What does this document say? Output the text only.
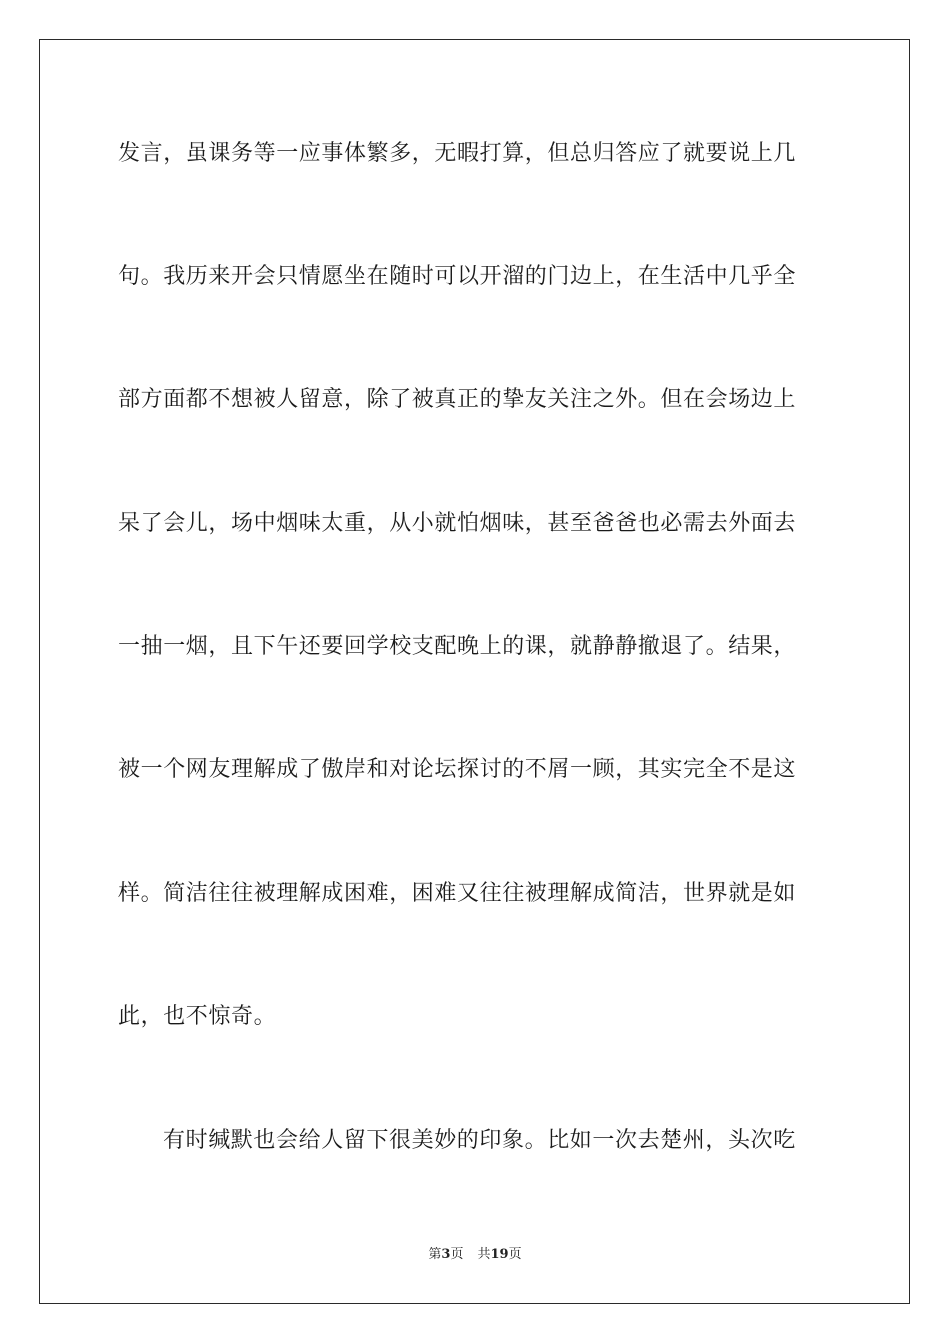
发言，虽课务等一应事体繁多，无暇打算，但总归答应了就要说上几
句。我历来开会只情愿坐在随时可以开溜的门边上，在生活中几乎全
部方面都不想被人留意，除了被真正的挚友关注之外。但在会场边上
呆了会儿，场中烟味太重，从小就怕烟味，甚至爸爸也必需去外面去
一抽一烟，且下午还要回学校支配晚上的课，就静静撤退了。结果，
被一个网友理解成了傲岸和对论坛探讨的不屑一顾，其实完全不是这
样。简洁往往被理解成困难，困难又往往被理解成简洁，世界就是如
此，也不惊奇。
有时缄默也会给人留下很美妙的印象。比如一次去楚州，头次吃
第3页 共19页
